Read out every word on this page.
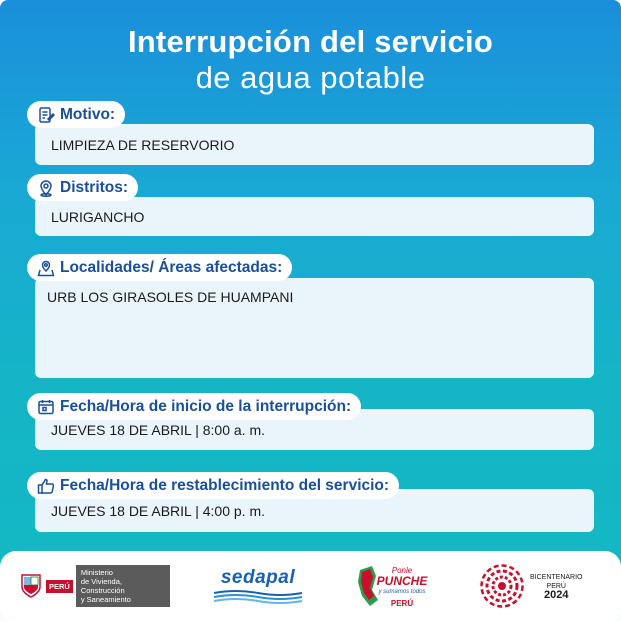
Interrupción del servicio
de agua potable
Motivo:
LIMPIEZA DE RESERVORIO
Distritos:
LURIGANCHO
Localidades/ Áreas afectadas:
URB LOS GIRASOLES DE HUAMPANI
Fecha/Hora de inicio de la interrupción:
JUEVES 18 DE ABRIL | 8:00 a. m.
Fecha/Hora de restablecimiento del servicio:
JUEVES 18 DE ABRIL | 4:00 p. m.
PERÚ
Ministerio
de Vivienda, Construcción
y Saneamiento
sedapal	Ponle
PUNCHE
y sumamos todos
PERÚ
BICENTENARIO
PERÚ
2024
